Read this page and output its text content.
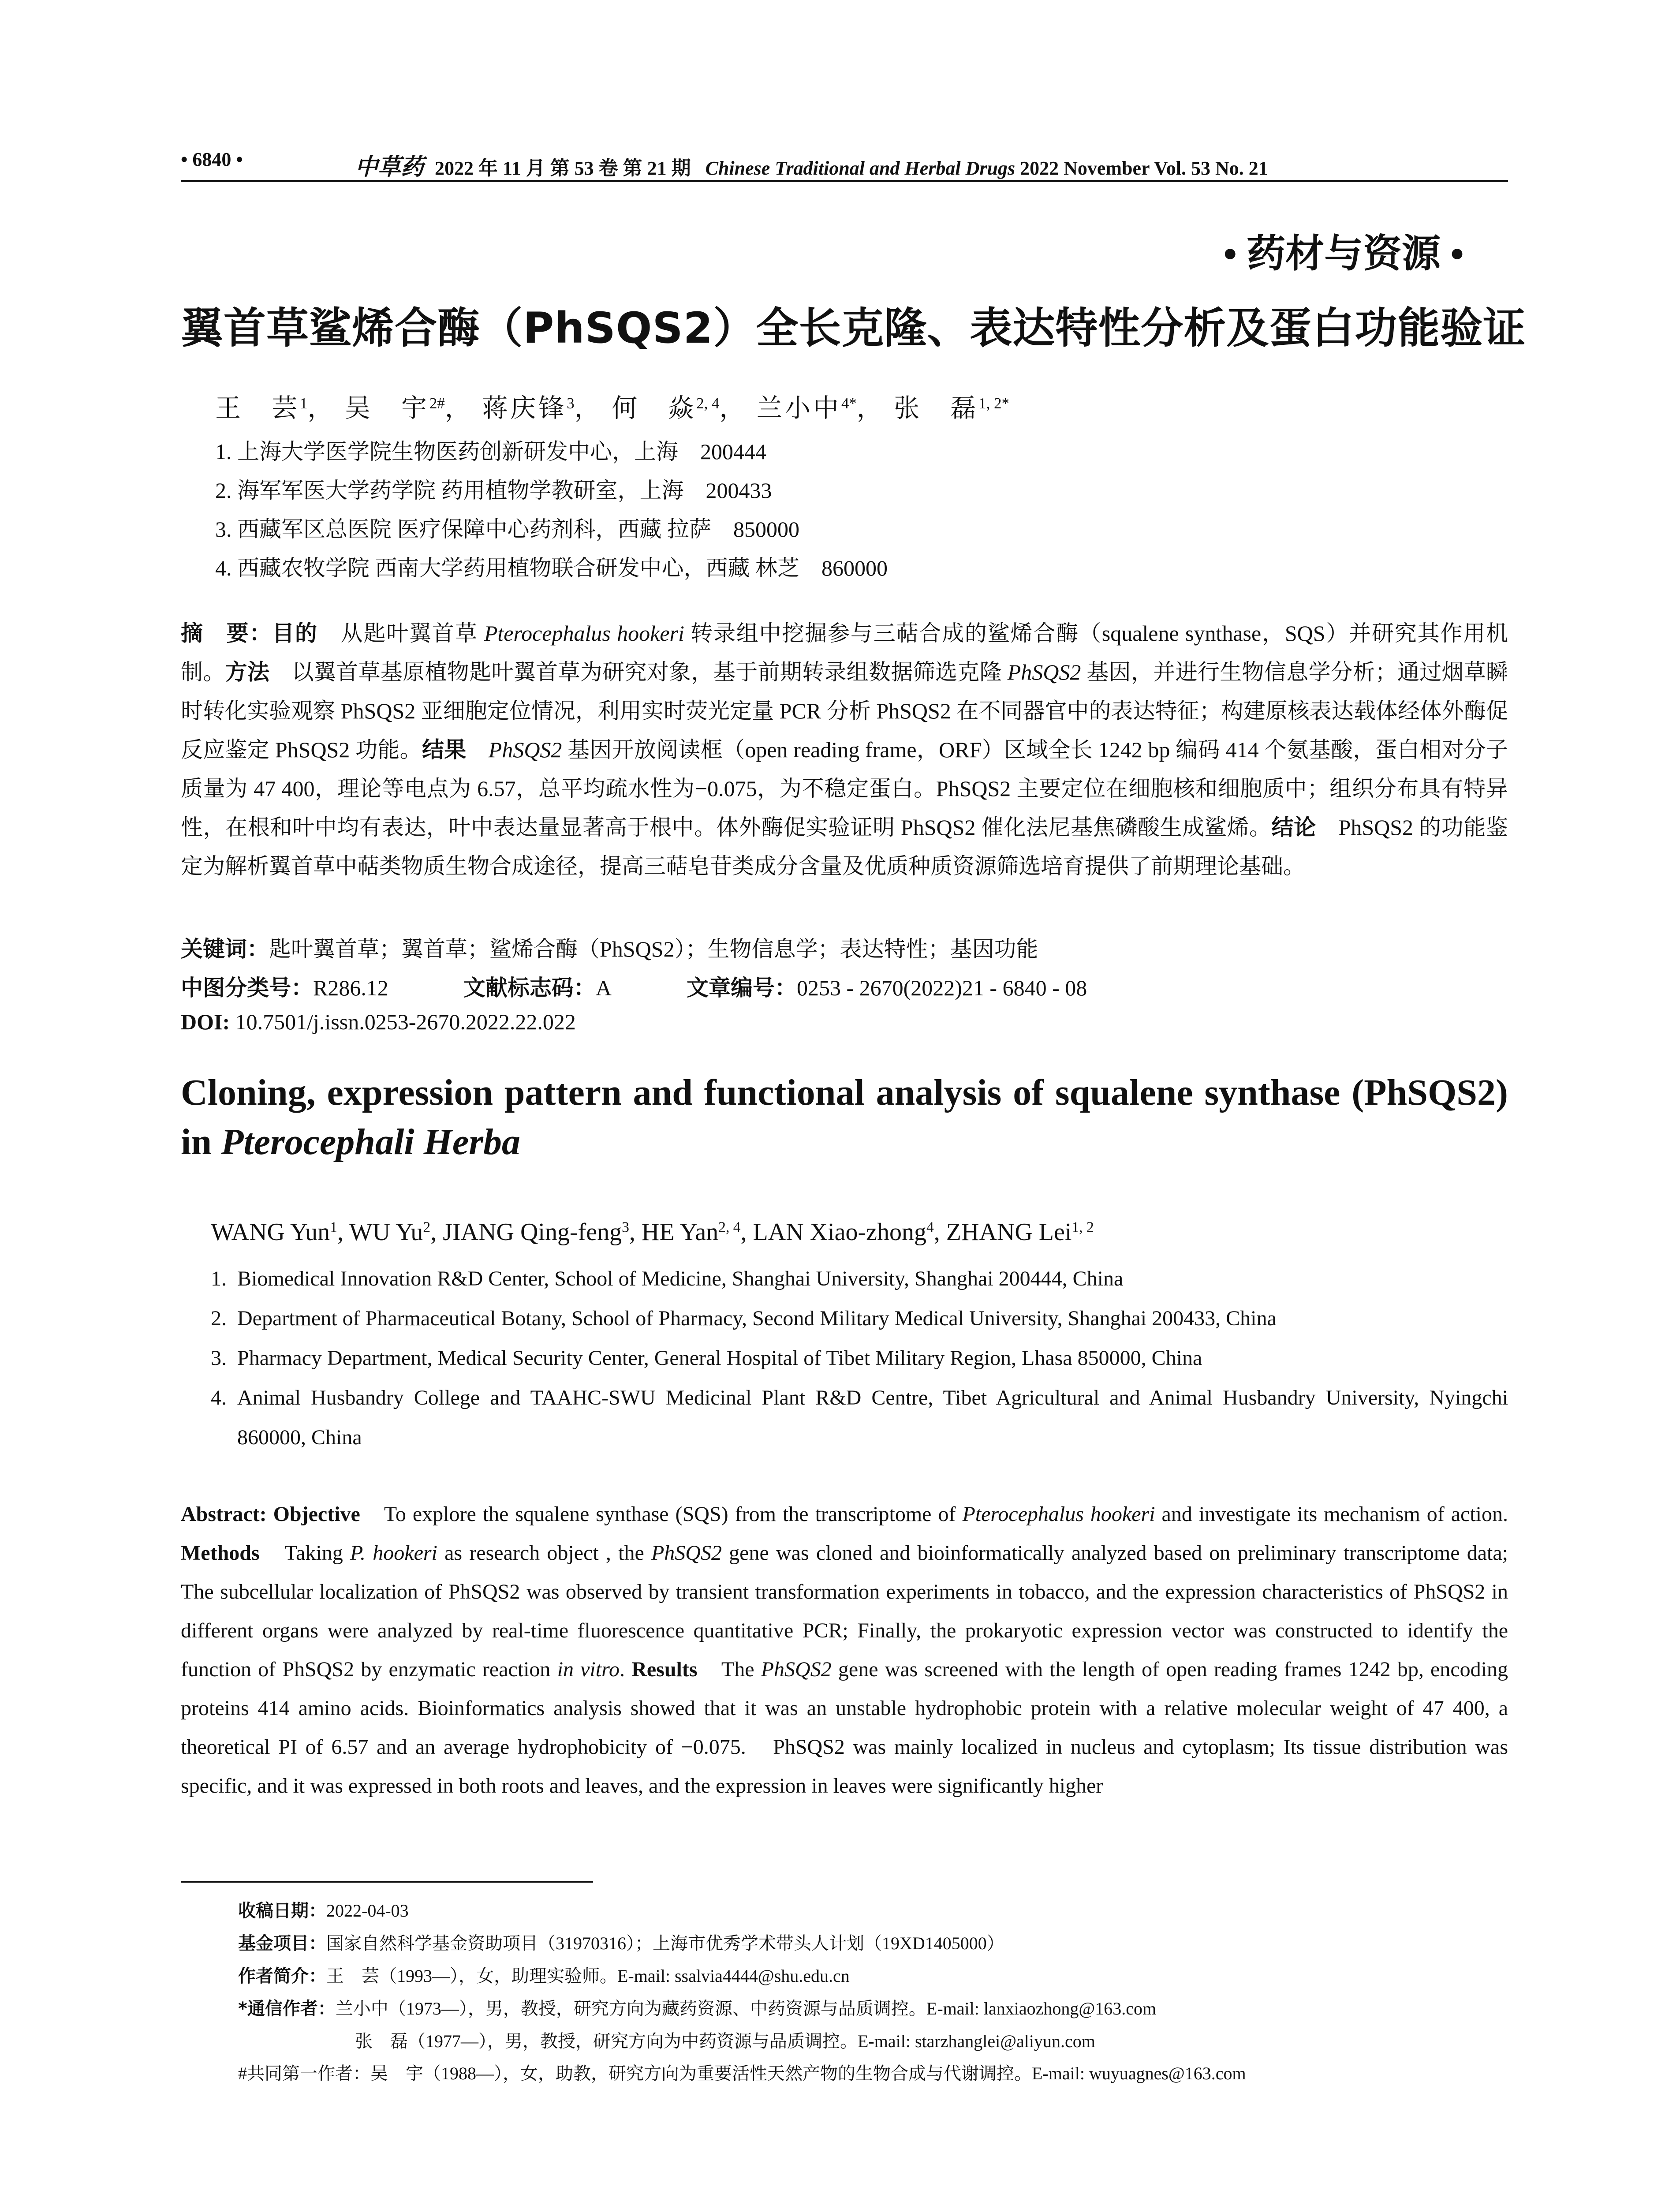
• 6840 •	中草药 2022 年 11 月 第 53 卷 第 21 期 Chinese Traditional and Herbal Drugs 2022 November Vol. 53 No. 21
• 药材与资源 •
翼首草鲨烯合酶（PhSQS2）全长克隆、表达特性分析及蛋白功能验证
王　芸$^1$， 吴　宇$^{2\#}$， 蒋庆锋$^3$， 何　焱$^{2, 4}$， 兰小中$^{4*}$， 张　磊$^{1, 2*}$
1. 上海大学医学院生物医药创新研发中心，上海　200444
2. 海军军医大学药学院 药用植物学教研室，上海　200433
3. 西藏军区总医院 医疗保障中心药剂科，西藏 拉萨　850000
4. 西藏农牧学院 西南大学药用植物联合研发中心，西藏 林芝　860000
摘　要：目的　从匙叶翼首草 Pterocephalus hookeri 转录组中挖掘参与三萜合成的鲨烯合酶（squalene synthase，SQS）并研究其作用机制。方法　以翼首草基原植物匙叶翼首草为研究对象，基于前期转录组数据筛选克隆 PhSQS2 基因，并进行生物信息学分析；通过烟草瞬时转化实验观察 PhSQS2 亚细胞定位情况，利用实时荧光定量 PCR 分析 PhSQS2 在不同器官中的表达特征；构建原核表达载体经体外酶促反应鉴定 PhSQS2 功能。结果　 PhSQS2 基因开放阅读框（open reading frame，ORF）区域全长 1242 bp 编码 414 个氨基酸，蛋白相对分子质量为 47 400，理论等电点为 6.57，总平均疏水性为−0.075，为不稳定蛋白。PhSQS2 主要定位在细胞核和细胞质中；组织分布具有特异性，在根和叶中均有表达，叶中表达量显著高于根中。体外酶促实验证明 PhSQS2 催化法尼基焦磷酸生成鲨烯。结论　PhSQS2 的功能鉴定为解析翼首草中萜类物质生物合成途径，提高三萜皂苷类成分含量及优质种质资源筛选培育提供了前期理论基础。
关键词：匙叶翼首草；翼首草；鲨烯合酶（PhSQS2）；生物信息学；表达特性；基因功能
中图分类号：R286.12	文献标志码：A	文章编号：0253 - 2670(2022)21 - 6840 - 08
DOI: 10.7501/j.issn.0253-2670.2022.22.022
Cloning, expression pattern and functional analysis of squalene synthase (PhSQS2) in Pterocephali Herba
WANG Yun$^1$, WU Yu$^2$, JIANG Qing-feng$^3$, HE Yan$^{2, 4}$, LAN Xiao-zhong$^4$, ZHANG Lei$^{1, 2}$
1. Biomedical Innovation R&D Center, School of Medicine, Shanghai University, Shanghai 200444, China
2. Department of Pharmaceutical Botany, School of Pharmacy, Second Military Medical University, Shanghai 200433, China
3. Pharmacy Department, Medical Security Center, General Hospital of Tibet Military Region, Lhasa 850000, China
4. Animal Husbandry College and TAAHC-SWU Medicinal Plant R&D Centre, Tibet Agricultural and Animal Husbandry University, Nyingchi 860000, China
Abstract: Objective　To explore the squalene synthase (SQS) from the transcriptome of Pterocephalus hookeri and investigate its mechanism of action. Methods　Taking P. hookeri as research object , the PhSQS2 gene was cloned and bioinformatically analyzed based on preliminary transcriptome data;　The subcellular localization of PhSQS2 was observed by transient transformation experiments in tobacco, and the expression characteristics of PhSQS2 in different organs were analyzed by real-time fluorescence quantitative PCR; Finally, the prokaryotic expression vector was constructed to identify the function of PhSQS2 by enzymatic reaction in vitro. Results　The PhSQS2 gene was screened with the length of open reading frames 1242 bp, encoding proteins 414 amino acids. Bioinformatics analysis showed that it was an unstable hydrophobic protein with a relative molecular weight of 47 400, a theoretical PI of 6.57 and an average hydrophobicity of −0.075.　PhSQS2 was mainly localized in nucleus and cytoplasm; Its tissue distribution was specific, and it was expressed in both roots and leaves, and the expression in leaves were significantly higher
收稿日期：2022-04-03
基金项目：国家自然科学基金资助项目（31970316）；上海市优秀学术带头人计划（19XD1405000）
作者简介：王　芸（1993—），女，助理实验师。E-mail: ssalvia4444@shu.edu.cn
*通信作者：兰小中（1973—），男，教授，研究方向为藏药资源、中药资源与品质调控。E-mail: lanxiaozhong@163.com
张　磊（1977—），男，教授，研究方向为中药资源与品质调控。E-mail: starzhanglei@aliyun.com
#共同第一作者：吴　宇（1988—），女，助教，研究方向为重要活性天然产物的生物合成与代谢调控。E-mail: wuyuagnes@163.com
